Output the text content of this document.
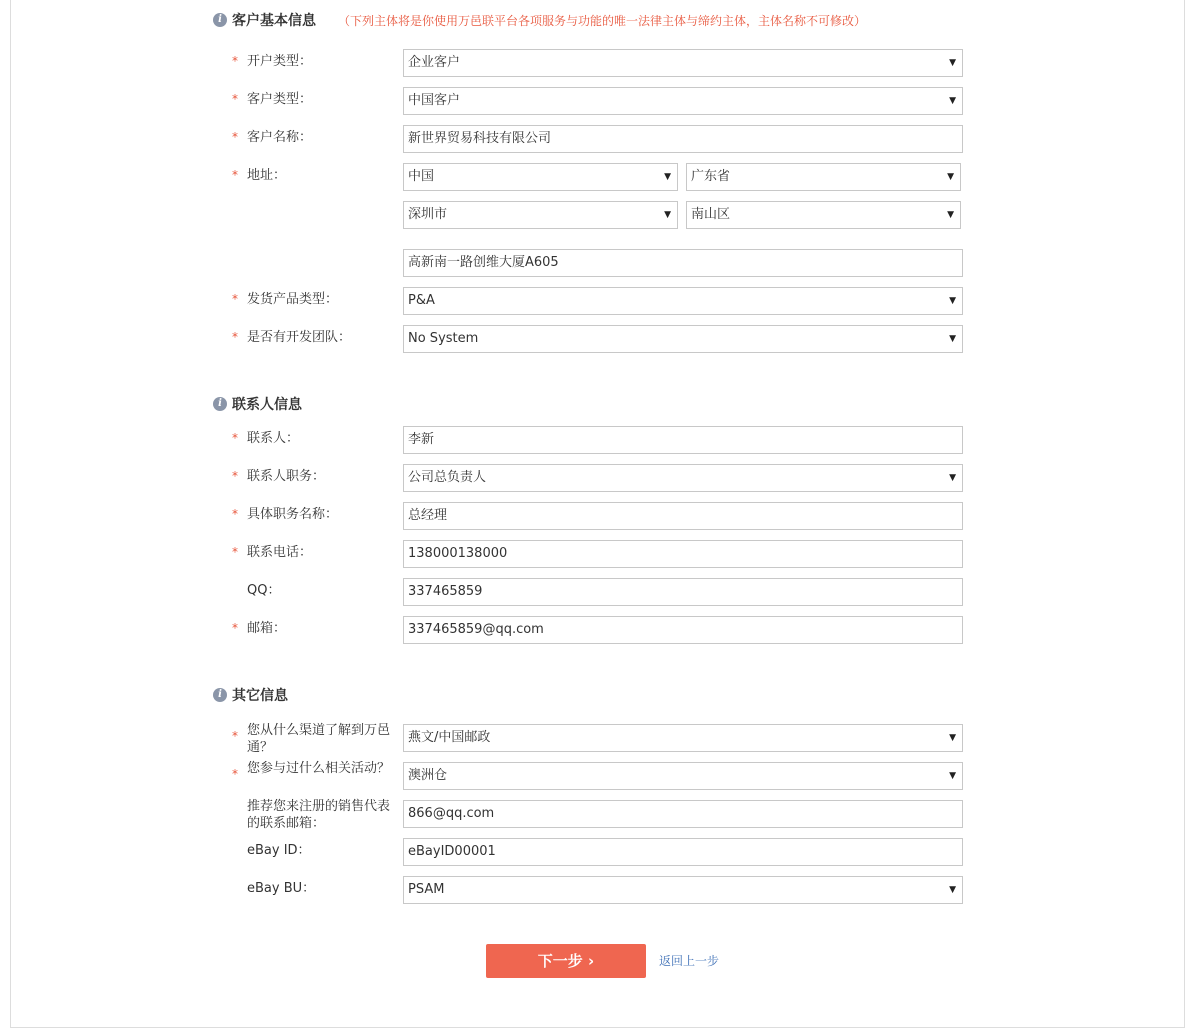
i 客户基本信息 （下列主体将是你使用万邑联平台各项服务与功能的唯一法律主体与缔约主体，主体名称不可修改）
* 开户类型：	企业客户	▼
* 客户类型：	中国客户	▼
* 客户名称：	新世界贸易科技有限公司
* 地址：	中国	▼	广东省	▼
深圳市	▼	南山区	▼
高新南一路创维大厦A605
* 发货产品类型：	P&A	▼
* 是否有开发团队：	No System	▼
i 联系人信息
* 联系人：	李新
* 联系人职务：	公司总负责人	▼
* 具体职务名称：	总经理
* 联系电话：	138000138000
QQ：	337465859
* 邮箱：	337465859@qq.com
i 其它信息
* 您从什么渠道了解到万邑通？
燕文/中国邮政	▼
* 您参与过什么相关活动？	澳洲仓	▼
推荐您来注册的销售代表的联系邮箱：
866@qq.com
eBay ID：	eBayID00001
eBay BU：	PSAM	▼
下一步 ›	返回上一步
